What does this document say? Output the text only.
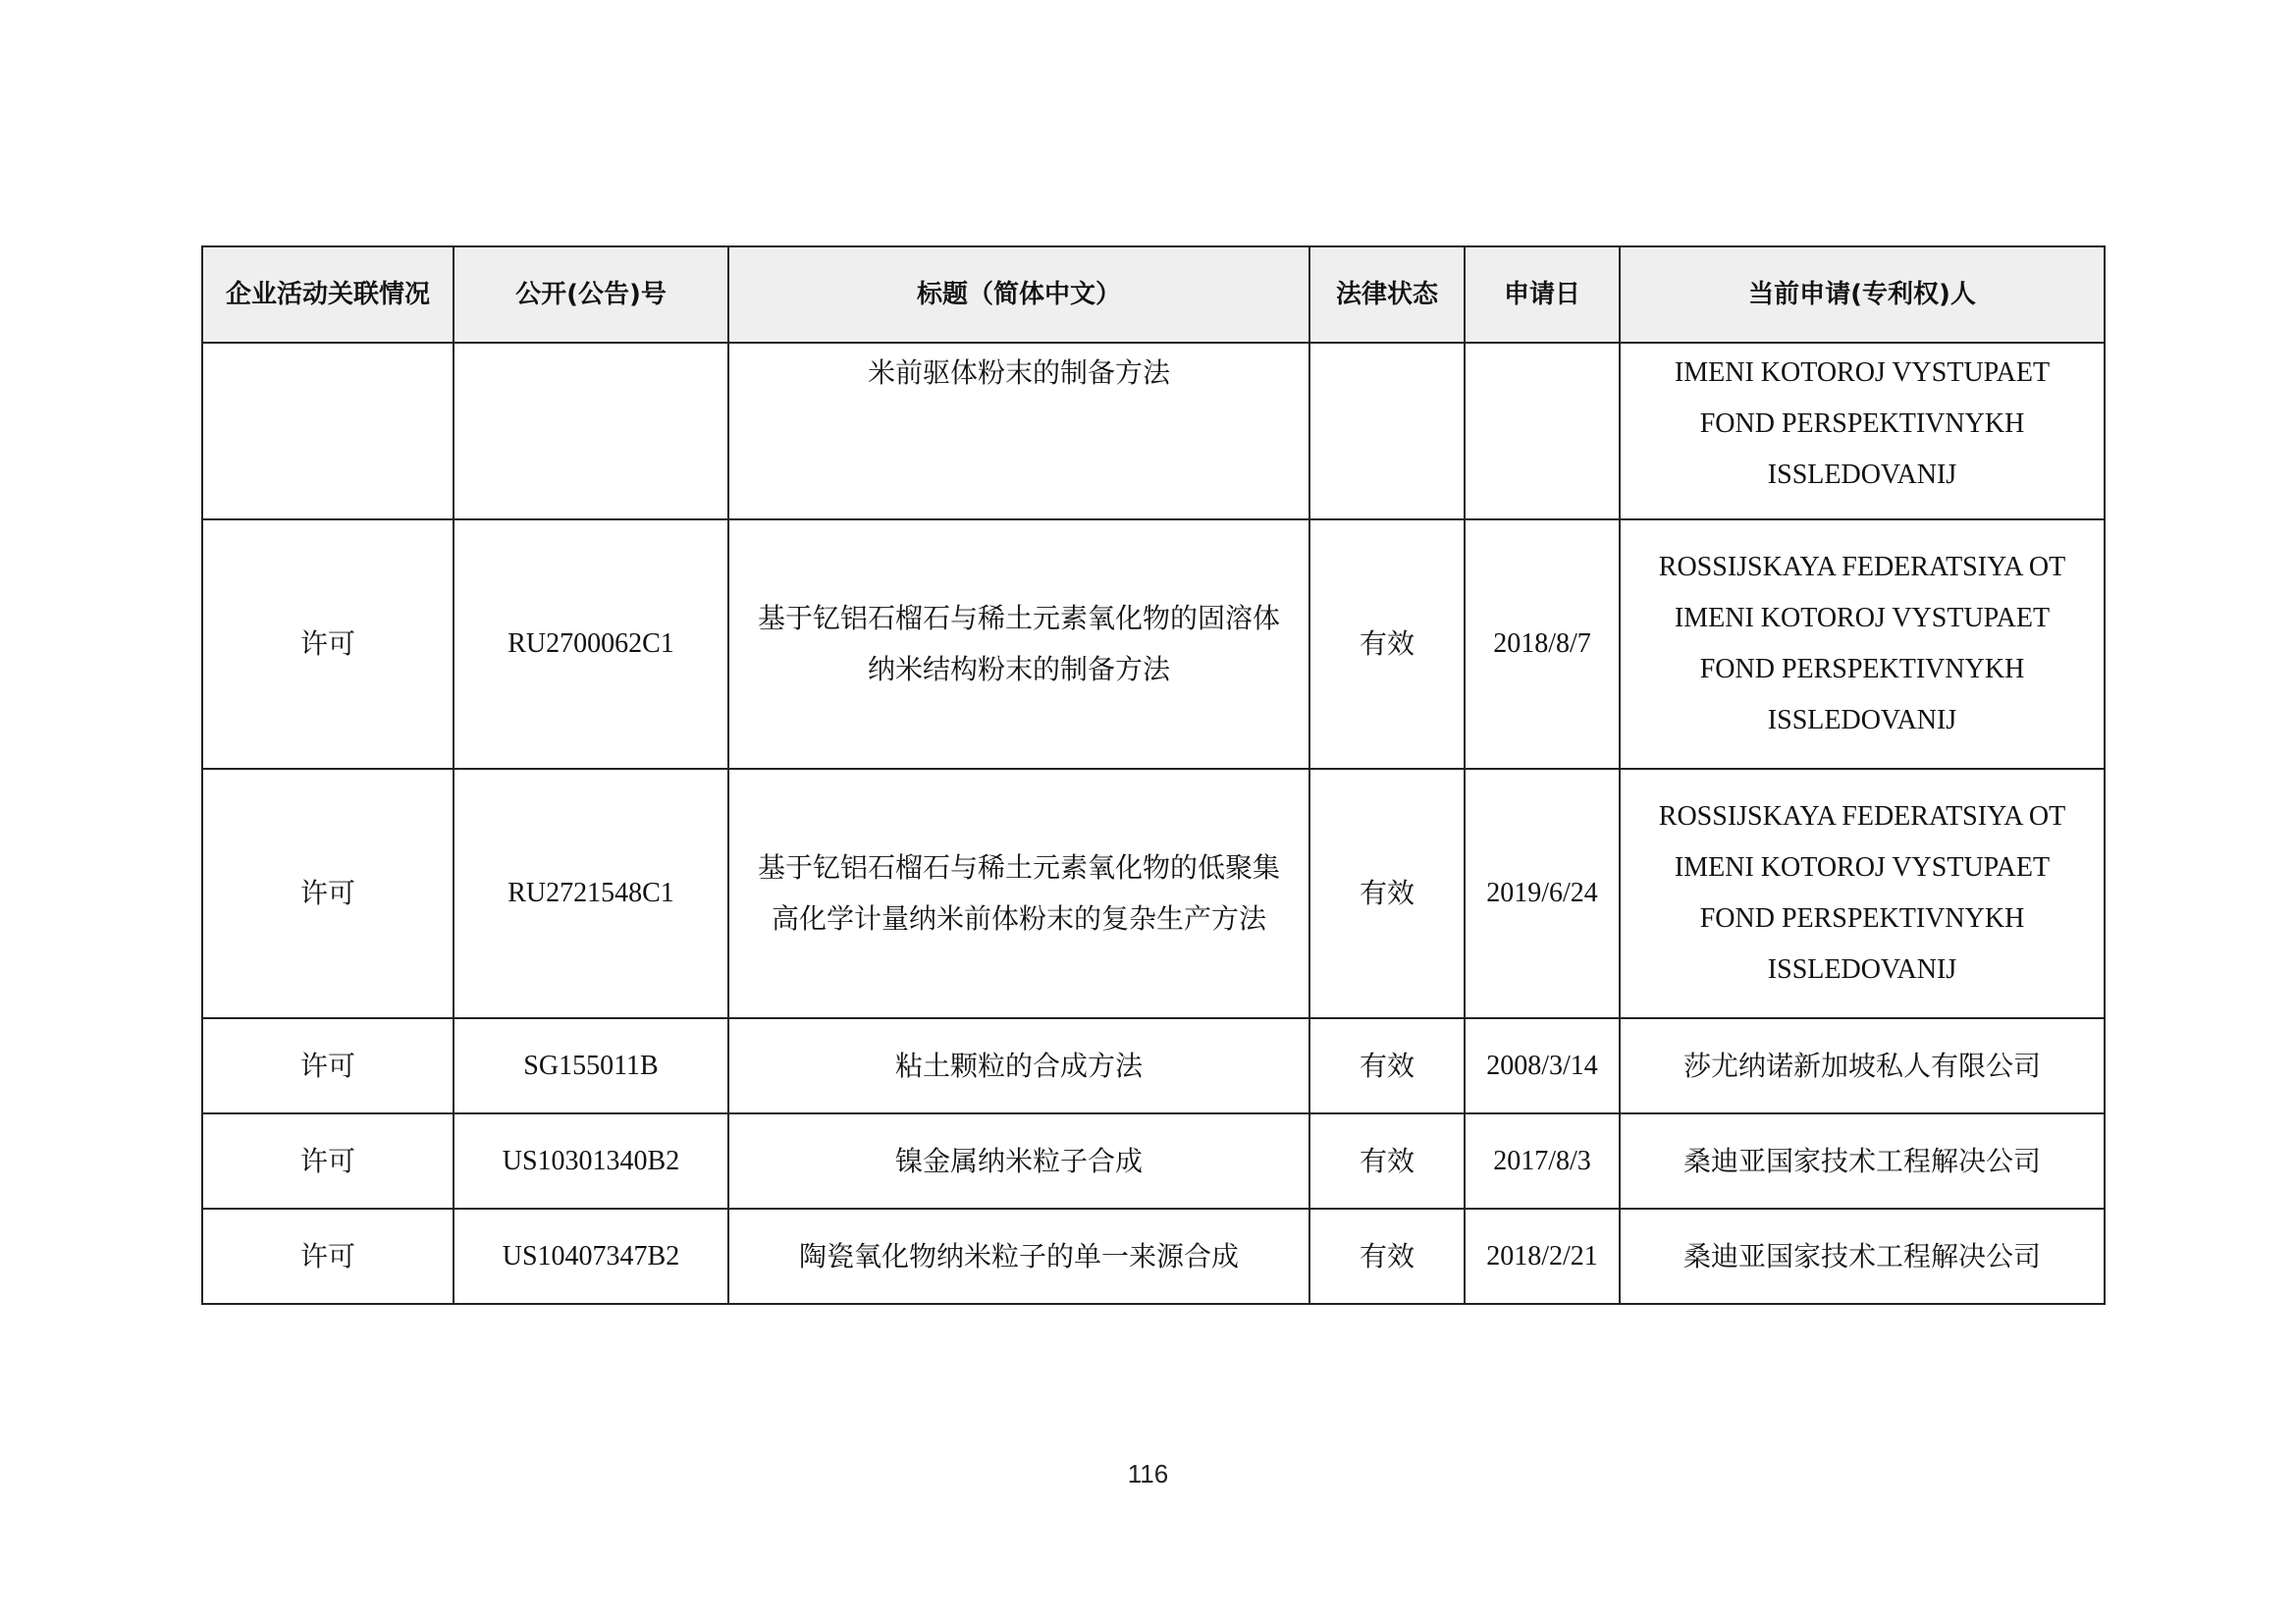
企业活动关联情况	公开(公告)号	标题（简体中文）	法律状态	申请日	当前申请(专利权)人

		米前驱体粉末的制备方法			IMENI KOTOROJ VYSTUPAET
FOND PERSPEKTIVNYKH
ISSLEDOVANIJ

许可	RU2700062C1	基于钇铝石榴石与稀土元素氧化物的固溶体
纳米结构粉末的制备方法	有效	2018/8/7	ROSSIJSKAYA FEDERATSIYA OT
IMENI KOTOROJ VYSTUPAET
FOND PERSPEKTIVNYKH
ISSLEDOVANIJ

许可	RU2721548C1	基于钇铝石榴石与稀土元素氧化物的低聚集
高化学计量纳米前体粉末的复杂生产方法	有效	2019/6/24	ROSSIJSKAYA FEDERATSIYA OT
IMENI KOTOROJ VYSTUPAET
FOND PERSPEKTIVNYKH
ISSLEDOVANIJ

许可	SG155011B	粘土颗粒的合成方法	有效	2008/3/14	莎尤纳诺新加坡私人有限公司

许可	US10301340B2	镍金属纳米粒子合成	有效	2017/8/3	桑迪亚国家技术工程解决公司

许可	US10407347B2	陶瓷氧化物纳米粒子的单一来源合成	有效	2018/2/21	桑迪亚国家技术工程解决公司
116
